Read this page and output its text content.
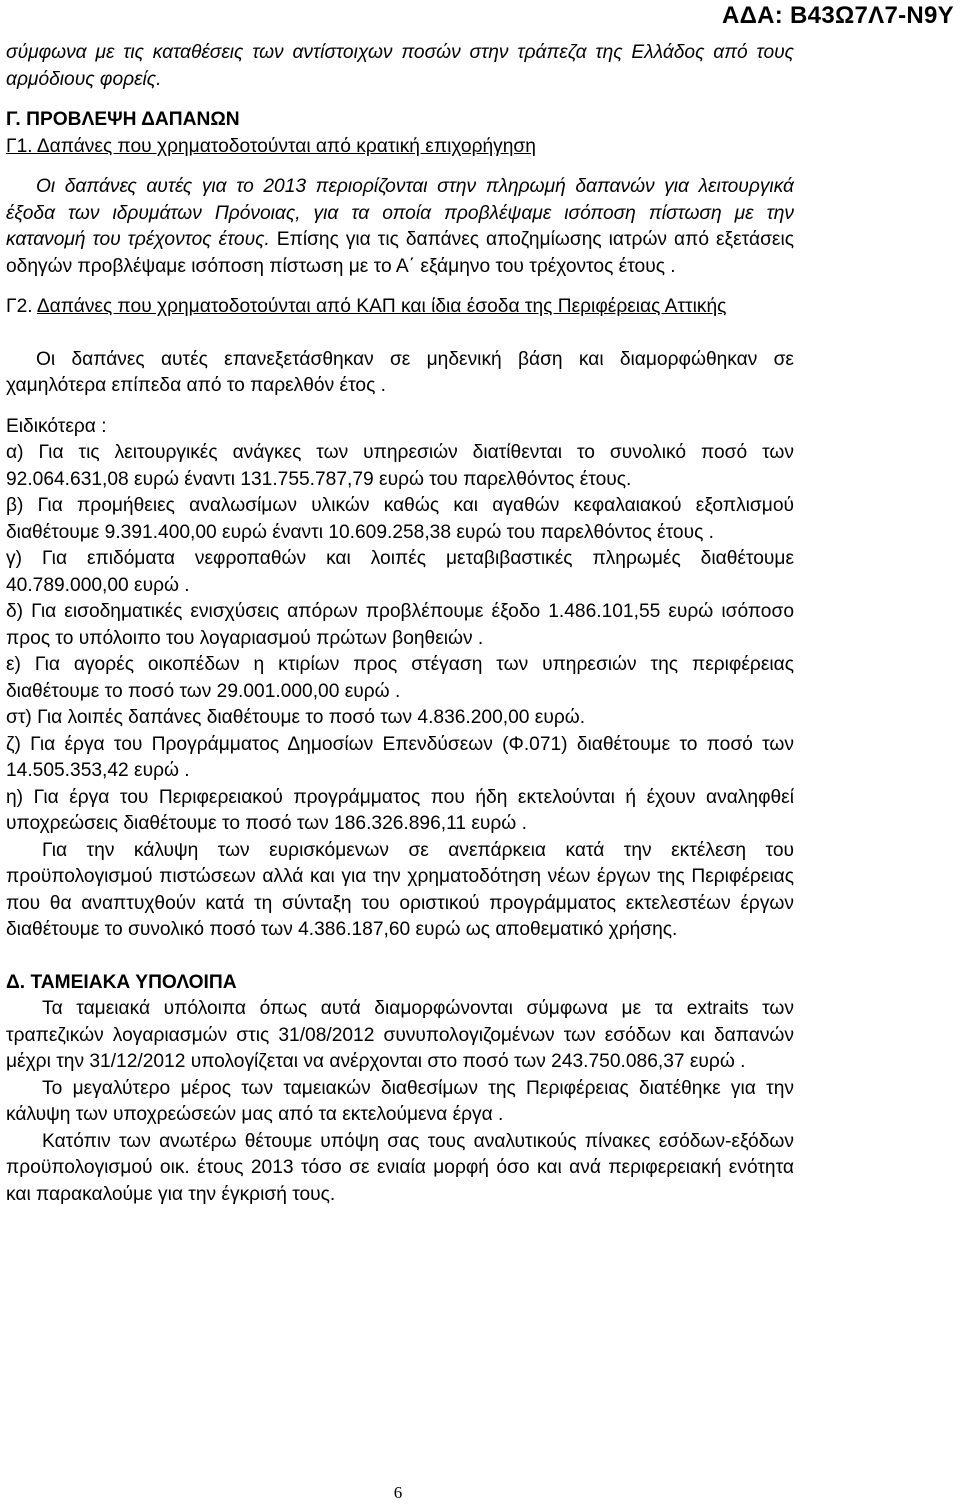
ΑΔΑ: Β43Ω7Λ7-Ν9Υ

σύμφωνα με τις καταθέσεις των αντίστοιχων ποσών στην τράπεζα της Ελλάδος από τους αρμόδιους φορείς.

Γ. ΠΡΟΒΛΕΨΗ ΔΑΠΑΝΩΝ

Γ1. Δαπάνες που χρηματοδοτούνται από κρατική επιχορήγηση

Οι δαπάνες αυτές για το 2013 περιορίζονται στην πληρωμή δαπανών για λειτουργικά έξοδα των ιδρυμάτων Πρόνοιας, για τα οποία προβλέψαμε ισόποση πίστωση με την κατανομή του τρέχοντος έτους. Επίσης για τις δαπάνες αποζημίωσης ιατρών από εξετάσεις οδηγών προβλέψαμε ισόποση πίστωση με το Α΄ εξάμηνο του τρέχοντος έτους .

Γ2. Δαπάνες που χρηματοδοτούνται από ΚΑΠ και ίδια έσοδα της Περιφέρειας Αττικής

Οι δαπάνες αυτές επανεξετάσθηκαν σε μηδενική βάση και διαμορφώθηκαν σε χαμηλότερα επίπεδα από το παρελθόν έτος .

Ειδικότερα :

α) Για τις λειτουργικές ανάγκες των υπηρεσιών διατίθενται το συνολικό ποσό των 92.064.631,08 ευρώ έναντι 131.755.787,79 ευρώ του παρελθόντος έτους.

β) Για προμήθειες αναλωσίμων υλικών καθώς και αγαθών κεφαλαιακού εξοπλισμού διαθέτουμε 9.391.400,00 ευρώ έναντι 10.609.258,38 ευρώ του παρελθόντος έτους .

γ) Για επιδόματα νεφροπαθών και λοιπές μεταβιβαστικές πληρωμές διαθέτουμε 40.789.000,00 ευρώ .

δ) Για εισοδηματικές ενισχύσεις απόρων προβλέπουμε έξοδο 1.486.101,55 ευρώ ισόποσο προς το υπόλοιπο του λογαριασμού πρώτων βοηθειών .

ε) Για αγορές οικοπέδων η κτιρίων προς στέγαση των υπηρεσιών της περιφέρειας διαθέτουμε το ποσό των 29.001.000,00 ευρώ .

στ) Για λοιπές δαπάνες διαθέτουμε το ποσό των 4.836.200,00 ευρώ.

ζ) Για έργα του Προγράμματος Δημοσίων Επενδύσεων (Φ.071) διαθέτουμε το ποσό των 14.505.353,42 ευρώ .

η) Για έργα του Περιφερειακού προγράμματος που ήδη εκτελούνται ή έχουν αναληφθεί υποχρεώσεις διαθέτουμε το ποσό των 186.326.896,11 ευρώ .

Για την κάλυψη των ευρισκόμενων σε ανεπάρκεια κατά την εκτέλεση του προϋπολογισμού πιστώσεων αλλά και για την χρηματοδότηση νέων έργων της Περιφέρειας που θα αναπτυχθούν κατά τη σύνταξη του οριστικού προγράμματος εκτελεστέων έργων διαθέτουμε το συνολικό ποσό των 4.386.187,60 ευρώ ως αποθεματικό χρήσης.

Δ. ΤΑΜΕΙΑΚΑ ΥΠΟΛΟΙΠΑ

Τα ταμειακά υπόλοιπα όπως αυτά διαμορφώνονται σύμφωνα με τα extraits των τραπεζικών λογαριασμών στις 31/08/2012 συνυπολογιζομένων των εσόδων και δαπανών μέχρι την 31/12/2012 υπολογίζεται να ανέρχονται στο ποσό των 243.750.086,37 ευρώ .

Το μεγαλύτερο μέρος των ταμειακών διαθεσίμων της Περιφέρειας διατέθηκε για την κάλυψη των υποχρεώσεών μας από τα εκτελούμενα έργα .

Κατόπιν των ανωτέρω θέτουμε υπόψη σας τους αναλυτικούς πίνακες εσόδων-εξόδων προϋπολογισμού οικ. έτους 2013 τόσο σε ενιαία μορφή όσο και ανά περιφερειακή ενότητα και παρακαλούμε για την έγκρισή τους.

6
